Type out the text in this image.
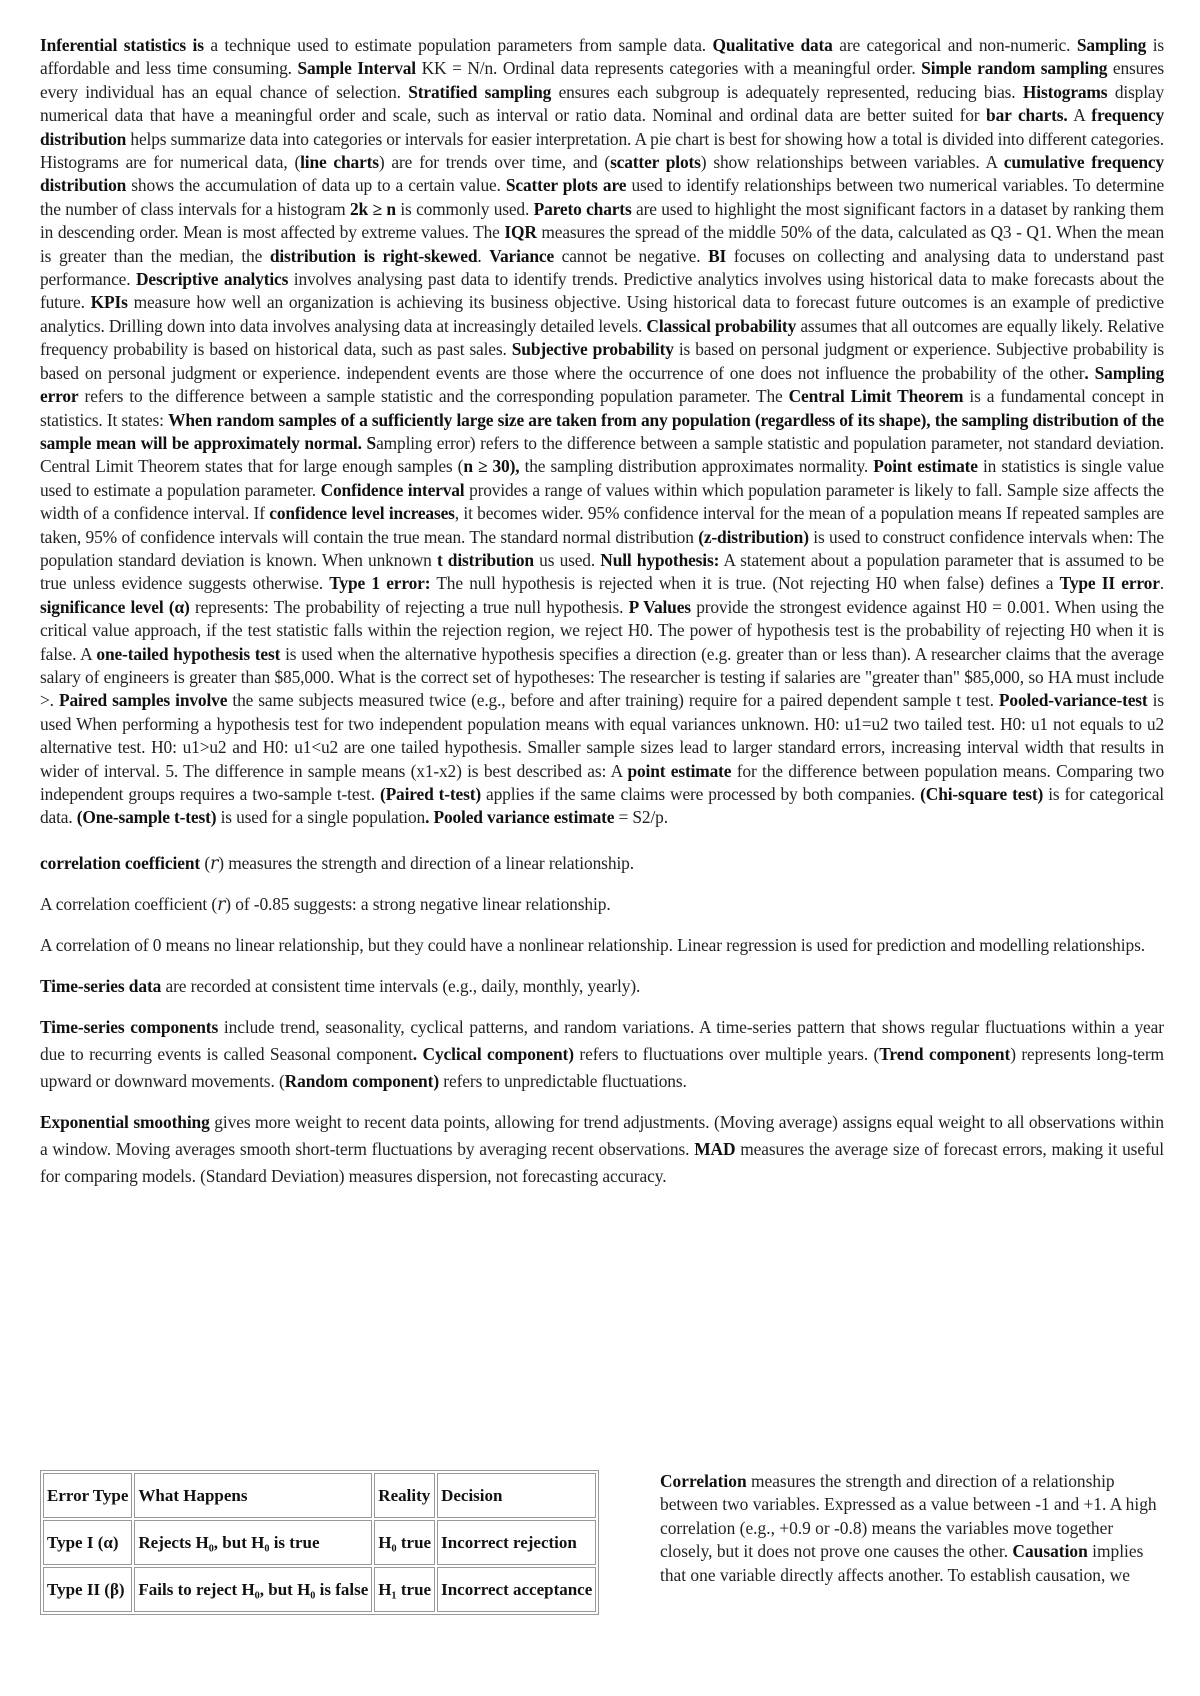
Inferential statistics is a technique used to estimate population parameters from sample data. Qualitative data are categorical and non-numeric. Sampling is affordable and less time consuming. Sample Interval KK = N/n. Ordinal data represents categories with a meaningful order. Simple random sampling ensures every individual has an equal chance of selection. Stratified sampling ensures each subgroup is adequately represented, reducing bias. Histograms display numerical data that have a meaningful order and scale, such as interval or ratio data. Nominal and ordinal data are better suited for bar charts. A frequency distribution helps summarize data into categories or intervals for easier interpretation. A pie chart is best for showing how a total is divided into different categories. Histograms are for numerical data, (line charts) are for trends over time, and (scatter plots) show relationships between variables. A cumulative frequency distribution shows the accumulation of data up to a certain value. Scatter plots are used to identify relationships between two numerical variables. To determine the number of class intervals for a histogram 2k ≥ n is commonly used. Pareto charts are used to highlight the most significant factors in a dataset by ranking them in descending order. Mean is most affected by extreme values. The IQR measures the spread of the middle 50% of the data, calculated as Q3 - Q1. When the mean is greater than the median, the distribution is right-skewed. Variance cannot be negative. BI focuses on collecting and analysing data to understand past performance. Descriptive analytics involves analysing past data to identify trends. Predictive analytics involves using historical data to make forecasts about the future. KPIs measure how well an organization is achieving its business objective. Using historical data to forecast future outcomes is an example of predictive analytics. Drilling down into data involves analysing data at increasingly detailed levels. Classical probability assumes that all outcomes are equally likely. Relative frequency probability is based on historical data, such as past sales. Subjective probability is based on personal judgment or experience. Subjective probability is based on personal judgment or experience. independent events are those where the occurrence of one does not influence the probability of the other. Sampling error refers to the difference between a sample statistic and the corresponding population parameter. The Central Limit Theorem is a fundamental concept in statistics. It states: When random samples of a sufficiently large size are taken from any population (regardless of its shape), the sampling distribution of the sample mean will be approximately normal. Sampling error) refers to the difference between a sample statistic and population parameter, not standard deviation. Central Limit Theorem states that for large enough samples (n ≥ 30), the sampling distribution approximates normality. Point estimate in statistics is single value used to estimate a population parameter. Confidence interval provides a range of values within which population parameter is likely to fall. Sample size affects the width of a confidence interval. If confidence level increases, it becomes wider. 95% confidence interval for the mean of a population means If repeated samples are taken, 95% of confidence intervals will contain the true mean. The standard normal distribution (z-distribution) is used to construct confidence intervals when: The population standard deviation is known. When unknown t distribution us used. Null hypothesis: A statement about a population parameter that is assumed to be true unless evidence suggests otherwise. Type 1 error: The null hypothesis is rejected when it is true. (Not rejecting H0 when false) defines a Type II error. significance level (α) represents: The probability of rejecting a true null hypothesis. P Values provide the strongest evidence against H0 = 0.001. When using the critical value approach, if the test statistic falls within the rejection region, we reject H0. The power of hypothesis test is the probability of rejecting H0 when it is false. A one-tailed hypothesis test is used when the alternative hypothesis specifies a direction (e.g. greater than or less than). A researcher claims that the average salary of engineers is greater than $85,000. What is the correct set of hypotheses: The researcher is testing if salaries are "greater than" $85,000, so HA must include >. Paired samples involve the same subjects measured twice (e.g., before and after training) require for a paired dependent sample t test. Pooled-variance-test is used When performing a hypothesis test for two independent population means with equal variances unknown. H0: u1=u2 two tailed test. H0: u1 not equals to u2 alternative test. H0: u1>u2 and H0: u1<u2 are one tailed hypothesis. Smaller sample sizes lead to larger standard errors, increasing interval width that results in wider of interval. 5. The difference in sample means (x1-x2) is best described as: A point estimate for the difference between population means. Comparing two independent groups requires a two-sample t-test. (Paired t-test) applies if the same claims were processed by both companies. (Chi-square test) is for categorical data. (One-sample t-test) is used for a single population. Pooled variance estimate = S2/p.

correlation coefficient (𝑟) measures the strength and direction of a linear relationship.

A correlation coefficient (𝑟) of -0.85 suggests: a strong negative linear relationship.

A correlation of 0 means no linear relationship, but they could have a nonlinear relationship. Linear regression is used for prediction and modelling relationships.

Time-series data are recorded at consistent time intervals (e.g., daily, monthly, yearly).

Time-series components include trend, seasonality, cyclical patterns, and random variations. A time-series pattern that shows regular fluctuations within a year due to recurring events is called Seasonal component. Cyclical component) refers to fluctuations over multiple years. (Trend component) represents long-term upward or downward movements. (Random component) refers to unpredictable fluctuations.

Exponential smoothing gives more weight to recent data points, allowing for trend adjustments. (Moving average) assigns equal weight to all observations within a window. Moving averages smooth short-term fluctuations by averaging recent observations. MAD measures the average size of forecast errors, making it useful for comparing models. (Standard Deviation) measures dispersion, not forecasting accuracy.

Error Type	What Happens	Reality	Decision
Type I (α)	Rejects H₀, but H₀ is true	H₀ true	Incorrect rejection
Type II (β)	Fails to reject H₀, but H₀ is false	H₁ true	Incorrect acceptance

Correlation measures the strength and direction of a relationship between two variables. Expressed as a value between -1 and +1. A high correlation (e.g., +0.9 or -0.8) means the variables move together closely, but it does not prove one causes the other. Causation implies that one variable directly affects another. To establish causation, we
